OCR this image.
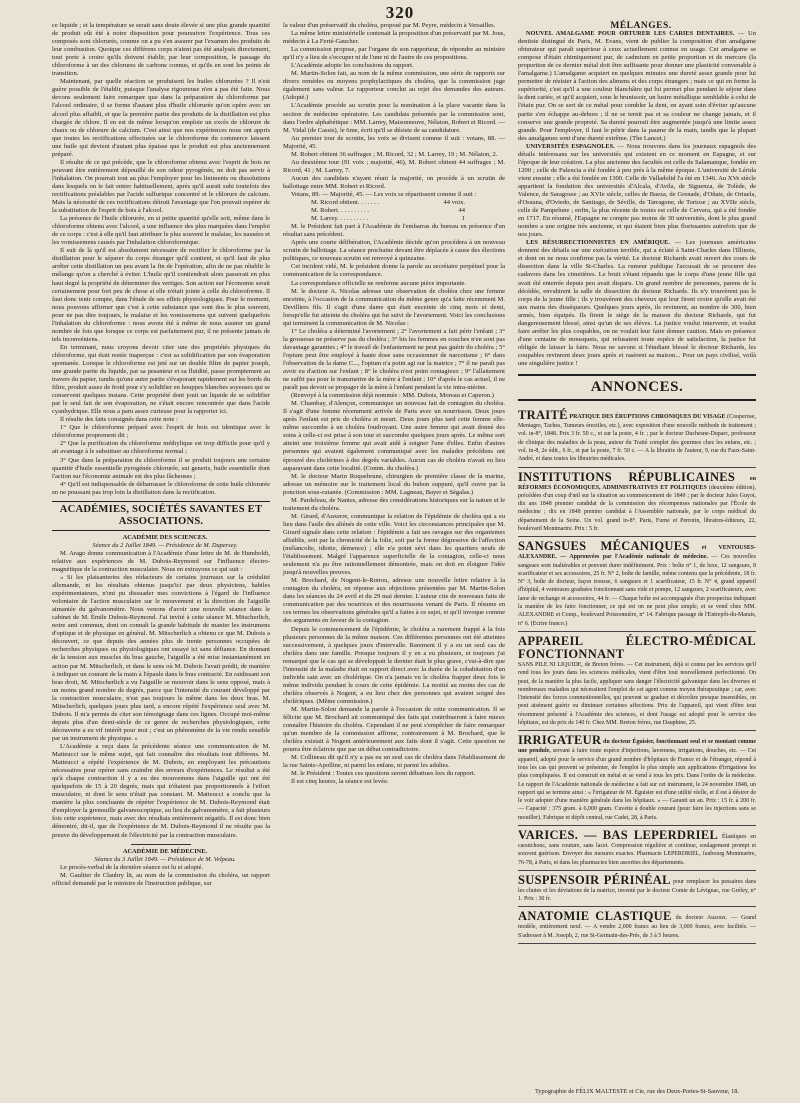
320

ce liquide ; et la température se serait sans doute élevée si une plus grande quantité de produit eût été à notre disposition pour poursuivre l'expérience. Tous ces composés sont chlorurés, comme on a pu s'en assurer par l'examen des produits de leur combustion. Quoique ces différens corps n'aient pas été analysés directement, tout porte à croire qu'ils doivent établir, par leur composition, le passage du chloroforme à un des chlorures de carbone connus, et qu'ils en sont les points de transition.

Maintenant, par quelle réaction se produisent les huiles chlorurées ? Il n'est guère possible de l'établir, puisque l'analyse rigoureuse n'en a pas été faite. Nous devons seulement faire remarquer que dans la préparation du chloroforme par l'alcool ordinaire, il se forme d'autant plus d'huile chlorurée qu'on opère avec un alcool plus affaibli, et que la première partie des produits de la distillation est plus chargée de chlore. Il en est de même lorsqu'on emploie un excès de chlorure de chaux ou de chlorure de calcium. C'est ainsi que nos expériences nous ont appris que toutes les rectifications effectuées sur le chloroforme du commerce laissent une huile qui devient d'autant plus épaisse que le produit est plus anciennement préparé.

Il résulte de ce qui précède, que le chloroforme obtenu avec l'esprit de bois ne pouvant être entièrement dépouillé de son odeur pyrogénée, ne doit pas servir à l'inhalation. On pourrait tout au plus l'employer pour les liniments ou dissolutions dans lesquels on le fait entrer habituellement, après qu'il aurait subi toutefois des rectifications préalables par l'acide sulfurique concentré et le chlorure de calcium. Mais la nécessité de ces rectifications détruit l'avantage que l'on pouvait espérer de la substitution de l'esprit de bois à l'alcool.

La présence de l'huile chlorurée, en si petite quantité qu'elle soit, même dans le chloroforme obtenu avec l'alcool, a une influence des plus marquées dans l'emploi de ce corps : c'est à elle qu'il faut attribuer le plus souvent le malaise, les nausées et les vomissemens causés par l'inhalation chloroformique.

Il suit de là qu'il est absolument nécessaire de rectifier le chloroforme par la distillation pour le séparer du corps étranger qu'il contient, et qu'il faut de plus arrêter cette distillation un peu avant la fin de l'opération, afin de ne pas rétablir le mélange qu'on a cherché à éviter. L'huile qu'il contiendrait alors passerait en plus haut degré la propriété de déterminer des vertiges. Son action sur l'économie serait certainement pour fort peu de chose si elle n'était jointe à celle du chloroforme. Il faut donc tenir compte, dans l'étude de ses effets physiologiques. Pour le moment, nous pouvons affirmer que c'est à cette substance que sont dus le plus souvent, pour ne pas dire toujours, le malaise et les vomissemens qui suivent quelquefois l'inhalation du chloroforme : nous avons été à même de nous assurer un grand nombre de fois que lorsque ce corps est parfaitement pur, il ne présente jamais de tels inconvéniens.

En terminant, nous croyons devoir citer une des propriétés physiques du chloroforme, qui était restée inaperçue : c'est sa solidification par son évaporation spontanée. Lorsque le chloroforme est jeté sur un double filtre de papier joseph, une grande partie du liquide, par sa pesanteur et sa fluidité, passe promptement au travers du papier, tandis qu'une autre partie s'évaporant rapidement sur les bords du filtre, produit assez de froid pour s'y solidifier en houppes blanches soyeuses qui se conservent quelques instans. Cette propriété dont jouit un liquide de se solidifier par le seul fait de son évaporation, ne s'était encore rencontrée que dans l'acide cyanhydrique. Elle nous a paru assez curieuse pour la rapporter ici.

Il résulte des faits consignés dans cette note :

1° Que le chloroforme préparé avec l'esprit de bois est identique avec le chloroforme proprement dit ;

2° Que la purification du chloroforme méthylique est trop difficile pour qu'il y ait avantage à le substituer au chloroforme normal ;

3° Que dans la préparation du chloroforme il se produit toujours une certaine quantité d'huile essentielle pyrogénée chlorurée, sui generis, huile essentielle dont l'action sur l'économie animale est des plus fâcheuses ;

4° Qu'il est indispensable de débarrasser le chloroforme de cette huile chlorurée en ne poussant pas trop loin la distillation dans la rectification.

ACADÉMIES, SOCIÉTÉS SAVANTES ET ASSOCIATIONS.

ACADÉMIE DES SCIENCES.

Séance du 2 Juillet 1849. — Présidence de M. Dupersey.

M. Arago donne communication à l'Académie d'une lettre de M. de Humboldt, relative aux expériences de M. Dubois-Reymond sur l'influence électro-magnétique de la contraction musculaire. Nous en extrayons ce qui suit :

« Si les plaisanteries des rédacteurs de certains journaux sur la crédulité allemande, ni les résultats obtenus jusqu'ici par deux physiciens, habiles expérimentateurs, n'ont pu dissuader mes convictions à l'égard de l'influence volontaire de l'action musculaire sur le mouvement et la direction de l'aiguille aimantée du galvanomètre. Nous venons d'avoir une nouvelle séance dans le cabinet de M. Émile Dubois-Reymond. J'ai invité à cette séance M. Mitscherlich, notre ami commun, dont on connaît la grande habitude de manier les instrumens d'optique et de physique en général. M. Mitscherlich a obtenu ce que M. Dubois a découvert, ce que depuis des années plus de trente personnes occupées de recherches physiques ou physiologiques ont essayé ici sans défiance. En donnant de la tension aux muscles du bras gauche, l'aiguille a été mise instantanément en action par M. Mitscherlich, et dans le sens où M. Dubois l'avait prédit, de manière à indiquer un courant de la main à l'épaule dans le bras contracté. En raidissant son bras droit, M. Mitscherlich a vu l'aiguille se mouvoir dans le sens opposé, mais à un moins grand nombre de degrés, parce que l'intensité du courant développé par la contraction musculaire, n'est pas toujours le même dans les deux bras. M. Mitscherlich, quelques jours plus tard, a encore répété l'expérience seul avec M. Dubois. Il m'a permis de citer son témoignage dans ces lignes. Occupé moi-même depuis plus d'un demi-siècle de ce genre de recherches physiologiques, cette découverte a eu vif intérêt pour moi ; c'est un phénomène de la vie rendu sensible par un instrument de physique. »

L'Académie a reçu dans la précédente séance une communication de M. Matteucci sur le même sujet, qui fait connaître des résultats tout différens. M. Matteucci a répété l'expérience de M. Dubois, en employant les précautions nécessaires pour opérer sans craindre des erreurs d'expériences. Le résultat a été qu'à chaque contraction il y a eu des mouvemens dans l'aiguille qui ont été quelquefois de 15 à 20 degrés, mais qui n'étaient pas proportionnels à l'effort musculaire, ni dont le sens n'était pas constant. M. Matteucci a conclu que la manière la plus concluante de répéter l'expérience de M. Dubois-Reymond était d'employer la grenouille galvanoscopique, au lieu du galvanomètre, a fait plusieurs fois cette expérience, mais avec des résultats entièrement négatifs. Il est donc bien démontré, dit-il, que de l'expérience de M. Dubois-Reymond il ne résulte pas la preuve du développement de l'électricité par la contraction musculaire.

ACADÉMIE DE MÉDECINE.

Séance du 3 Juillet 1849. — Présidence de M. Velpeau.

Le procès-verbal de la dernière séance est lu et adopté.

M. Gaultier de Claubry lit, au nom de la commission du choléra, un rapport officiel demandé par le ministre de l'instruction publique, sur

la valeur d'un préservatif du choléra, proposé par M. Peyre, médecin à Versailles.

La même lettre ministérielle contenait la proposition d'un préservatif par M. Jous, médecin à La Ferté-Gaucher.

La commission propose, par l'organe de son rapporteur, de répondre au ministre qu'il n'y a lieu de s'occuper ni de l'une ni de l'autre de ces propositions.

L'Académie adopte les conclusions du rapport.

M. Martin-Solon fait, au nom de la même commission, une série de rapports sur divers remèdes ou moyens prophylactiques du choléra, que la commission juge également sans valeur. Le rapporteur conclut au rejet des demandes des auteurs. (Adopté.)

L'Académie procède au scrutin pour la nomination à la place vacante dans la section de médecine opératoire. Les candidats présentés par la commission sont, dans l'ordre alphabétique : MM. Larrey, Maisonneuve, Nélaton, Robert et Ricord. — M. Vidal (de Cassis), le 6me, écrit qu'il se désiste de sa candidature.

Au premier tour de scrutin, les voix se divisent comme il suit : votans, 88. — Majorité, 45.

M. Robert obtient 36 suffrages ; M. Ricord, 32 ; M. Larrey, 19 ; M. Nélaton, 2.

Au deuxième tour (91 voix ; majorité, 46), M. Robert obtient 44 suffrages ; M. Ricord, 41 ; M. Larrey, 7.

Aucun des candidats n'ayant réuni la majorité, on procède à un scrutin de ballottage entre MM. Robert et Ricord.

Votans, 89. — Majorité, 45. — Les voix se répartissent comme il suit :

M. Ricord obtient. . . . . . .	44 voix.
M. Robert. . . . . . . . . .	44
M. Larrey. . . . . . . . . .	1

M. le Président fait part à l'Académie de l'embarras du bureau en présence d'un résultat sans précédent.

Après une courte délibération, l'Académie décide qu'on procédera à un nouveau scrutin de ballottage. La séance prochaine devant être déplacée à cause des élections politiques, ce nouveau scrutin est renvoyé à quinzaine.

Cet incident vidé, M. le président donne la parole au secrétaire perpétuel pour la communication de la correspondance.

La correspondance officielle ne renferme aucune pièce importante.

M. le docteur A. Nicolas adresse une observation de choléra chez une femme enceinte, à l'occasion de la communication du même genre qu'a faite récemment M. Devilliers fils. Il s'agit d'une dame qui était enceinte de cinq mois et demi, lorsqu'elle fut atteinte du choléra qui fut suivi de l'avortement. Voici les conclusions qui terminent la communication de M. Nicolas :

1° Le choléra a déterminé l'avortement ; 2° l'avortement a fait périr l'enfant ; 3° la grossesse ne préserve pas du choléra ; 3° bis les femmes en couches n'en sont pas davantage garanties ; 4° le travail de l'enfantement ne peut pas guérir du choléra ; 5° l'opium peut être employé à haute dose sans occasionner de narcotisme ; 6° dans l'observation de la dame C..., l'opium n'a point agi sur la matrice ; 7° il ne paraît pas avoir eu d'action sur l'enfant ; 8° le choléra n'est point contagieux ; 9° l'allaitement ne suffit pas pour le transmettre de la mère à l'enfant ; 10° d'après le cas actuel, il ne paraît pas devoir se propager de la mère à l'enfant pendant la vie intra-utérine.

(Renvoyé à la commission déjà nommée : MM. Dubois, Moreau et Caperon.)

M. Chambay, d'Alençon, communique un nouveau fait de contagion du choléra. Il s'agit d'une femme récemment arrivée de Paris avec un nourrisson. Deux jours après l'enfant est pris de choléra et meurt. Deux jours plus tard cette femme elle-même succombe à un choléra foudroyant. Une autre femme qui avait donné des soins à celle-ci est prise à son tour et succombe quelques jours après. Le même sort atteint une troisième femme qui avait aidé à soigner l'une d'elles. Enfin d'autres personnes qui avaient également communiqué avec les malades précédens ont éprouvé des cholérines à des degrés variables. Aucun cas de choléra n'avait eu lieu auparavant dans cette localité. (Comm. du choléra.)

M. le docteur Marin Roquebrune, chirurgien de première classe de la marine, adresse un mémoire sur le traitement local du bubon suppuré, qu'il ouvre par la ponction sous-cutanée. (Commission : MM. Lagneau, Bayer et Ségalas.)

M. Pardeleau, de Nantes, adresse des considérations historiques sur la nature et le traitement du choléra.

M. Girard, d'Auxerre, communique la relation de l'épidémie de choléra qui a eu lieu dans l'asile des aliénés de cette ville. Voici les circonstances principales que M. Girard signale dans cette relation : l'épidémie a fait ses ravages sur des organismes affaiblis, soit par la chronicité de la folie, soit par la forme dégressive de l'affection (mélancolie, idiotie, démence) ; elle n'a point sévi dans les quartiers neufs de l'établissement. Malgré l'apparence superficielle de la contagion, celle-ci nous seulement n'a pu être rationnellement démontrée, mais on doit en éloigner l'idée jusqu'à nouvelles preuves.

M. Brochard, de Nogent-le-Rotrou, adresse une nouvelle lettre relative à la contagion du choléra, en réponse aux objections présentées par M. Martin-Solon dans les séances du 24 avril et du 29 mai dernier. L'auteur cite de nouveaux faits de communication par des nourrices et des nourrissons venant de Paris. Il résume en ces termes les observations générales qu'il a faites à ce sujet, et qu'il invoque comme des arguments en faveur de la contagion.

Depuis le commencement de l'épidémie, le choléra a rarement frappé à la fois plusieurs personnes de la même maison. Ces différentes personnes ont été atteintes successivement, à quelques jours d'intervalle. Rarement il y a eu un seul cas de choléra dans une famille. Presque toujours il y en a eu plusieurs, et toujours j'ai remarqué que le cas qui se développait le dernier était le plus grave, c'est-à-dire que l'intensité de la maladie était en rapport direct avec la durée de la cohabitation d'un individu sain avec un cholérique. On n'a jamais vu le choléra frapper deux fois le même individu pendant le cours de cette épidémie. La moitié au moins des cas de choléra observés à Nogent, a eu lieu chez des personnes qui avaient soigné des cholériques. (Même commission.)

M. Martin-Solon demande la parole à l'occasion de cette communication. Il se félicite que M. Brochard ait communiqué des faits qui contribueront à faire mieux connaître l'histoire du choléra. Cependant il ne peut s'empêcher de faire remarquer qu'un membre de la commission affirme, contrairement à M. Brochard, que le choléra existait à Nogent antérieurement aux faits dont il s'agit. Cette question ne pourra être éclaircie que par un débat contradictoire.

M. Collineau dit qu'il n'y a pas eu un seul cas de choléra dans l'établissement de la rue Sainte-Apolline, ni parmi les enfans, ni parmi les adultes.

M. le Président : Toutes ces questions seront débattues lors du rapport.

Il est cinq heures, la séance est levée.

MÉLANGES.

NOUVEL AMALGAME POUR OBTURER LES CARIES DENTAIRES. — Un dentiste distingué de Paris, M. Evans, vient de publier la composition d'un amalgame obturateur qui paraît supérieur à ceux actuellement connus en usage. Cet amalgame se compose d'étain chimiquement pur, de cadmium en petite proportion et de mercure (la proportion de ce dernier métal doit être suffisante pour donner une plasticité convenable à l'amalgame.) L'amalgame acquiert en quelques minutes une dureté assez grande pour lui permettre de résister à l'action des alimens et des corps étrangers ; mais ce qui en forme la supériorité, c'est qu'il a une couleur blanchâtre qui lui permet plus pendant le séjour dans la dent cariée, et qu'il acquiert, sous le brunissoir, un lustre métallique semblable à celui de l'étain pur. On se sert de ce métal pour combler la dent, en ayant soin d'éviter qu'aucune partie s'en échappe au-dehors ; il ne se ternit pas et sa couleur ne change jamais, et il conserve une grande propreté. Sa dureté pourrait être augmentée jusqu'à une limite assez grande. Pour l'employer, il faut le pétrir dans la paume de la main, tandis que la plupart des amalgames sont d'une dureté extrême. (The Lancet.)

UNIVERSITÉS ESPAGNOLES. — Nous trouvons dans les journaux espagnols des détails intéressans sur les universités qui existent en ce moment en Espagne, et sur l'époque de leur création. La plus ancienne des facultés est celle de Salamanque, fondée en 1200 ; celle de Palencia a été fondée à peu près à la même époque. L'université de Lérida vient ensuite ; elle a été fondée en 1300. Celle de Valladolid l'a été en 1346. Au XVe siècle appartient la fondation des universités d'Alcala, d'Avila, de Siguenza, de Tolède, de Valence, de Saragosse ; au XVIe siècle, celles de Baeza, de Grenade, d'Oñate, de Oriuela, d'Ossuna, d'Oviedo, de Santiago, de Séville, de Tarragone, de Tortose ; au XVIIe siècle, celle de Pampelune ; enfin, la plus récente de toutes est celle de Cervera, qui a été fondée en 1717. En résumé, l'Espagne ne compte pas moins de 30 universités, dont le plus grand nombre a une origine très ancienne, et qui étaient bien plus florissantes autrefois que de nos jours.

LES RÉSURRECTIONNISTES EN AMÉRIQUE. — Les journaux américains donnent des détails sur une exécution terrible, qui a éclaté à Saint-Charles dans l'Illinois, et dont on ne nous confirme pas la vérité. Le docteur Richards avait ouvert des cours de dissection dans la ville St-Charles. La rumeur publique l'accusait de se procurer des cadavres dans les cimetières. Le bruit s'étant répandu que le corps d'une jeune fille qui avait été enterrée depuis peu avait disparu. Un grand nombre de personnes, parens de la décédée, envahirent la salle de dissection du docteur Richards. Ils n'y trouvèrent pas le corps de la jeune fille ; ils y trouvèrent des cheveux qui leur firent croire qu'elle avait été aux mains des disséqueurs. Quelques jours après, ils revinrent, au nombre de 300, bien armés, bien équipés. Ils firent le siège de la maison du docteur Richards, qui fut dangereusement blessé, ainsi qu'un de ses élèves. La justice voulut intervenir, et voulut faire arrêter les plus coupables, on ne voulait leur faire donner caution. Mais en présence d'une centaine de mousquets, qui refusaient toute espèce de satisfaction, la justice fut obligée de laisser la faire. Nous ne savons si l'étudiant blessé le docteur Richards, les coupables revinrent deux jours après et rasèrent sa maison... Pour un pays civilisé, voilà une singulière justice !

ANNONCES.

TRAITÉ PRATIQUE DES ÉRUPTIONS CHRONIQUES DU VISAGE (Couperose, Mentagre, Taches, Tumeurs érectiles, etc.), avec exposition d'une nouvelle méthode de traitement ; vol. in-8°, 1848. Prix 3 fr. 50 c., et sur la poste, 4 fr. ; par le docteur Duchesne-Duparc, professeur de clinique des maladies de la peau, auteur du Traité complet des gourmes chez les enfans, etc. ; vol. in-8, 2e édit., 6 fr., et par la poste, 7 fr. 50 c. — A la librairie de l'auteur, 9, rue du Faux-Saint-André, et dans toutes les librairies médicales.

INSTITUTIONS RÉPUBLICAINES ou RÉFORMES ÉCONOMIQUES, ADMINISTRATIVES ET POLITIQUES (deuxième édition), précédées d'un coup d'œil sur la situation au commencement de 1849 ; par le docteur Jules Guyot, dix ans 1848 premier candidat de la commission des récompenses nationales par l'École de médecine ; dix en 1848 premier candidat à l'Assemblée nationale, par le corps médical du département de la Seine. Un vol. grand in-8°. Paris, Furne et Perrotin, libraires-éditeurs, 22, boulevard Montmartre. Prix : 5 fr.

SANGSUES MÉCANIQUES et VENTOUSES-ALEXANDRE. — Approuvées par l'Académie nationale de médecine. — Ces nouvelles sangsues sont inaltérables et peuvent durer indéfiniment. Prix : boîte n° 1, de luxe, 12 sangsues, 8 scarificateur et ses accessoires, 25 fr. N° 2, boîte de famille, même contenu que la précédente, 18 fr. N° 3, boîte de docteur, façon trousse, 6 sangsues et 1 scarificateur, 15 fr. N° 4, grand appareil d'hôpital, 4 ventouses graduées fonctionnant sans vide et pompe, 12 sangsues, 2 scarificateurs, avec lame de rechange et accessoires, 44 fr. — Chaque boîte est accompagnée d'un prospectus indiquant la manière de les faire fonctionner, ce qui est on ne peut plus simple, et se vend chez MM. ALEXANDRE et Comp., boulevard Poissonnière, n° 14. Fabrique passage de l'Entrepôt-du-Marais, n° 6. (Ecrire franco.)

APPAREIL ÉLECTRO-MÉDICAL FONCTIONNANT
SANS PILE NI LIQUIDE, de Breton frères. — Cet instrument, déjà si connu par les services qu'il rend tous les jours dans les sciences médicales, vient d'être tout nouvellement perfectionné. On peut, de la manière la plus facile, appliquer sans danger l'électricité galvanique dans les diverses et nombreuses maladies qui nécessitent l'emploi de cet agent comme moyen thérapeutique ; car, avec l'intensité des forces commotionnelles, qui peuvent se graduer et décroître presque insensibles, on peut aisément guérir ou diminuer certaines affections. Prix de l'appareil, qui vient d'être tout récemment présenté à l'Académie des sciences, et dont l'usage est adopté pour le service des hôpitaux, est du prix de 140 fr. Chez MM. Breton frères, rue Dauphine, 25.

IRRIGATEUR du docteur Éguisier, fonctionnant seul et se montant comme une pendule, servant à faire toute espèce d'injections, lavemens, irrigations, douches, etc. — Cet appareil, adopté pour le service d'un grand nombre d'hôpitaux de France et de l'étranger, répond à tous les cas qui peuvent se présenter, de l'emploi le plus simple aux applications d'irrigations les plus compliquées. Il est construit en métal et se vend à tous les prix. Dans l'ordre de la médecine. Le rapport de l'Académie nationale de médecine a fait sur cet instrument, le 24 novembre 1848, un rapport qui se termine ainsi : « l'irrigateur de M. Éguisier est d'une utilité réelle, et il est à désirer de le voir adopter d'une manière générale dans les hôpitaux. » — Garanti un an. Prix : 15 fr. à 200 fr. — Capacité : 375 gram. à 6,000 gram. Cuvette à double courant (pour faire les injections sans se mouiller). Fabrique et dépôt central, rue Cadet, 28, à Paris.

VARICES. — BAS LEPERDRIEL Élastiques en caoutchouc, sans couture, sans lacet. Compression régulière et continue, soulagement prompt et souvent guérison. Envoyer des mesures exactes. Pharmacie LEPERDRIEL, faubourg Montmartre, 76-78, à Paris, et dans les pharmacies bien assorties des départements.

SUSPENSOIR PÉRINÉAL pour remplacer les pessaires dans les chutes et les déviations de la matrice, inventé par le docteur Comte de Lévignac, rue Gréfey, n° 1. Prix : 30 fr.

ANATOMIE CLASTIQUE du docteur Auzoux. — Grand modèle, entièrement neuf. — A vendre 2,000 francs au lieu de 3,000 francs, avec facilités. — S'adresser à M. Joseph, 2, rue St-Germain-des-Prés, de 3 à 5 heures.

Typographie de FÉLIX MALTESTE et Cie, rue des Deux-Portes-St-Sauveur, 18.
